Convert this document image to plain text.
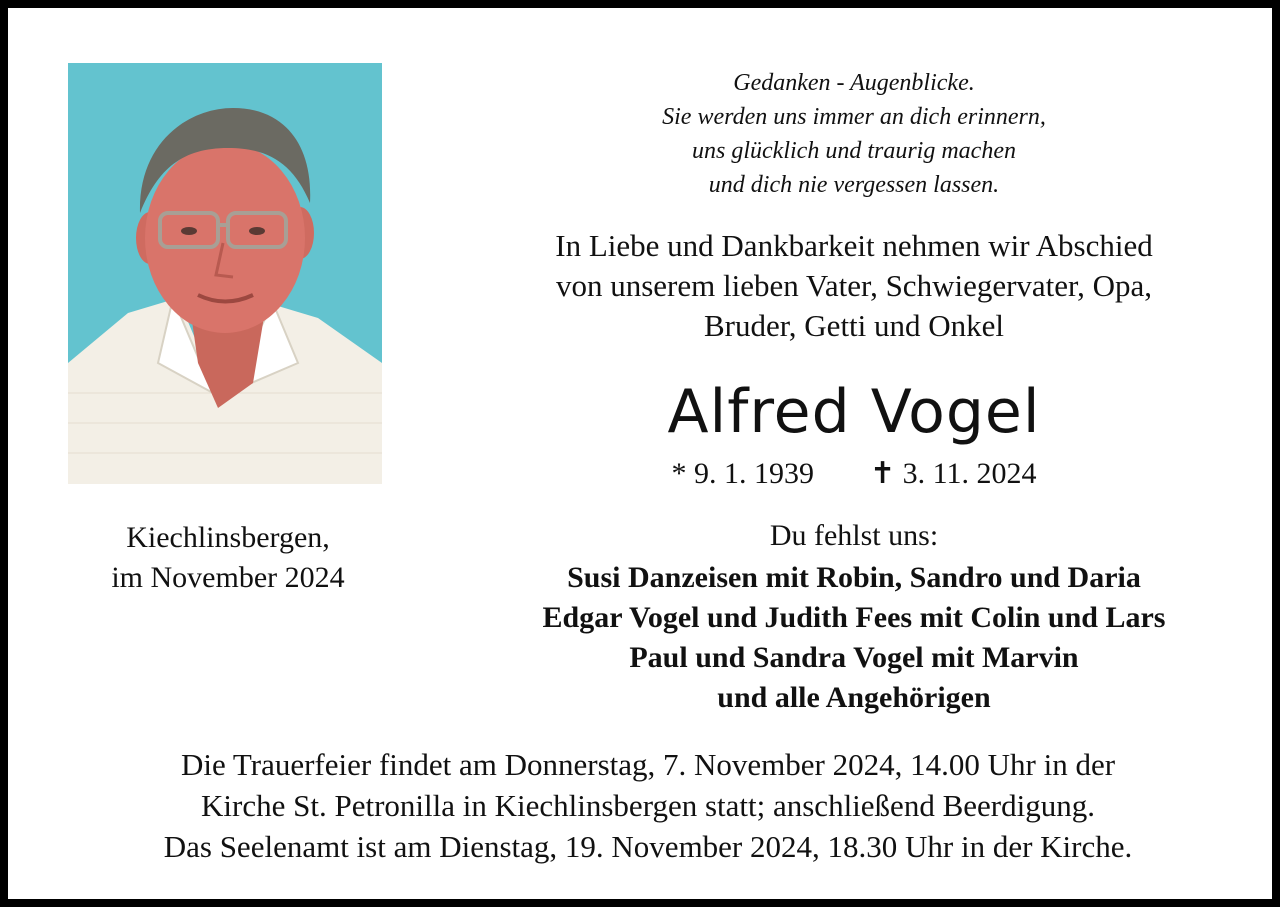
Kiechlinsbergen,
im November 2024
Gedanken - Augenblicke.
Sie werden uns immer an dich erinnern,
uns glücklich und traurig machen
und dich nie vergessen lassen.
In Liebe und Dankbarkeit nehmen wir Abschied
von unserem lieben Vater, Schwiegervater, Opa,
Bruder, Getti und Onkel
Alfred Vogel
* 9. 1. 1939 ✝ 3. 11. 2024
Du fehlst uns:
Susi Danzeisen mit Robin, Sandro und Daria
Edgar Vogel und Judith Fees mit Colin und Lars
Paul und Sandra Vogel mit Marvin
und alle Angehörigen
Die Trauerfeier findet am Donnerstag, 7. November 2024, 14.00 Uhr in der
Kirche St. Petronilla in Kiechlinsbergen statt; anschließend Beerdigung.
Das Seelenamt ist am Dienstag, 19. November 2024, 18.30 Uhr in der Kirche.
